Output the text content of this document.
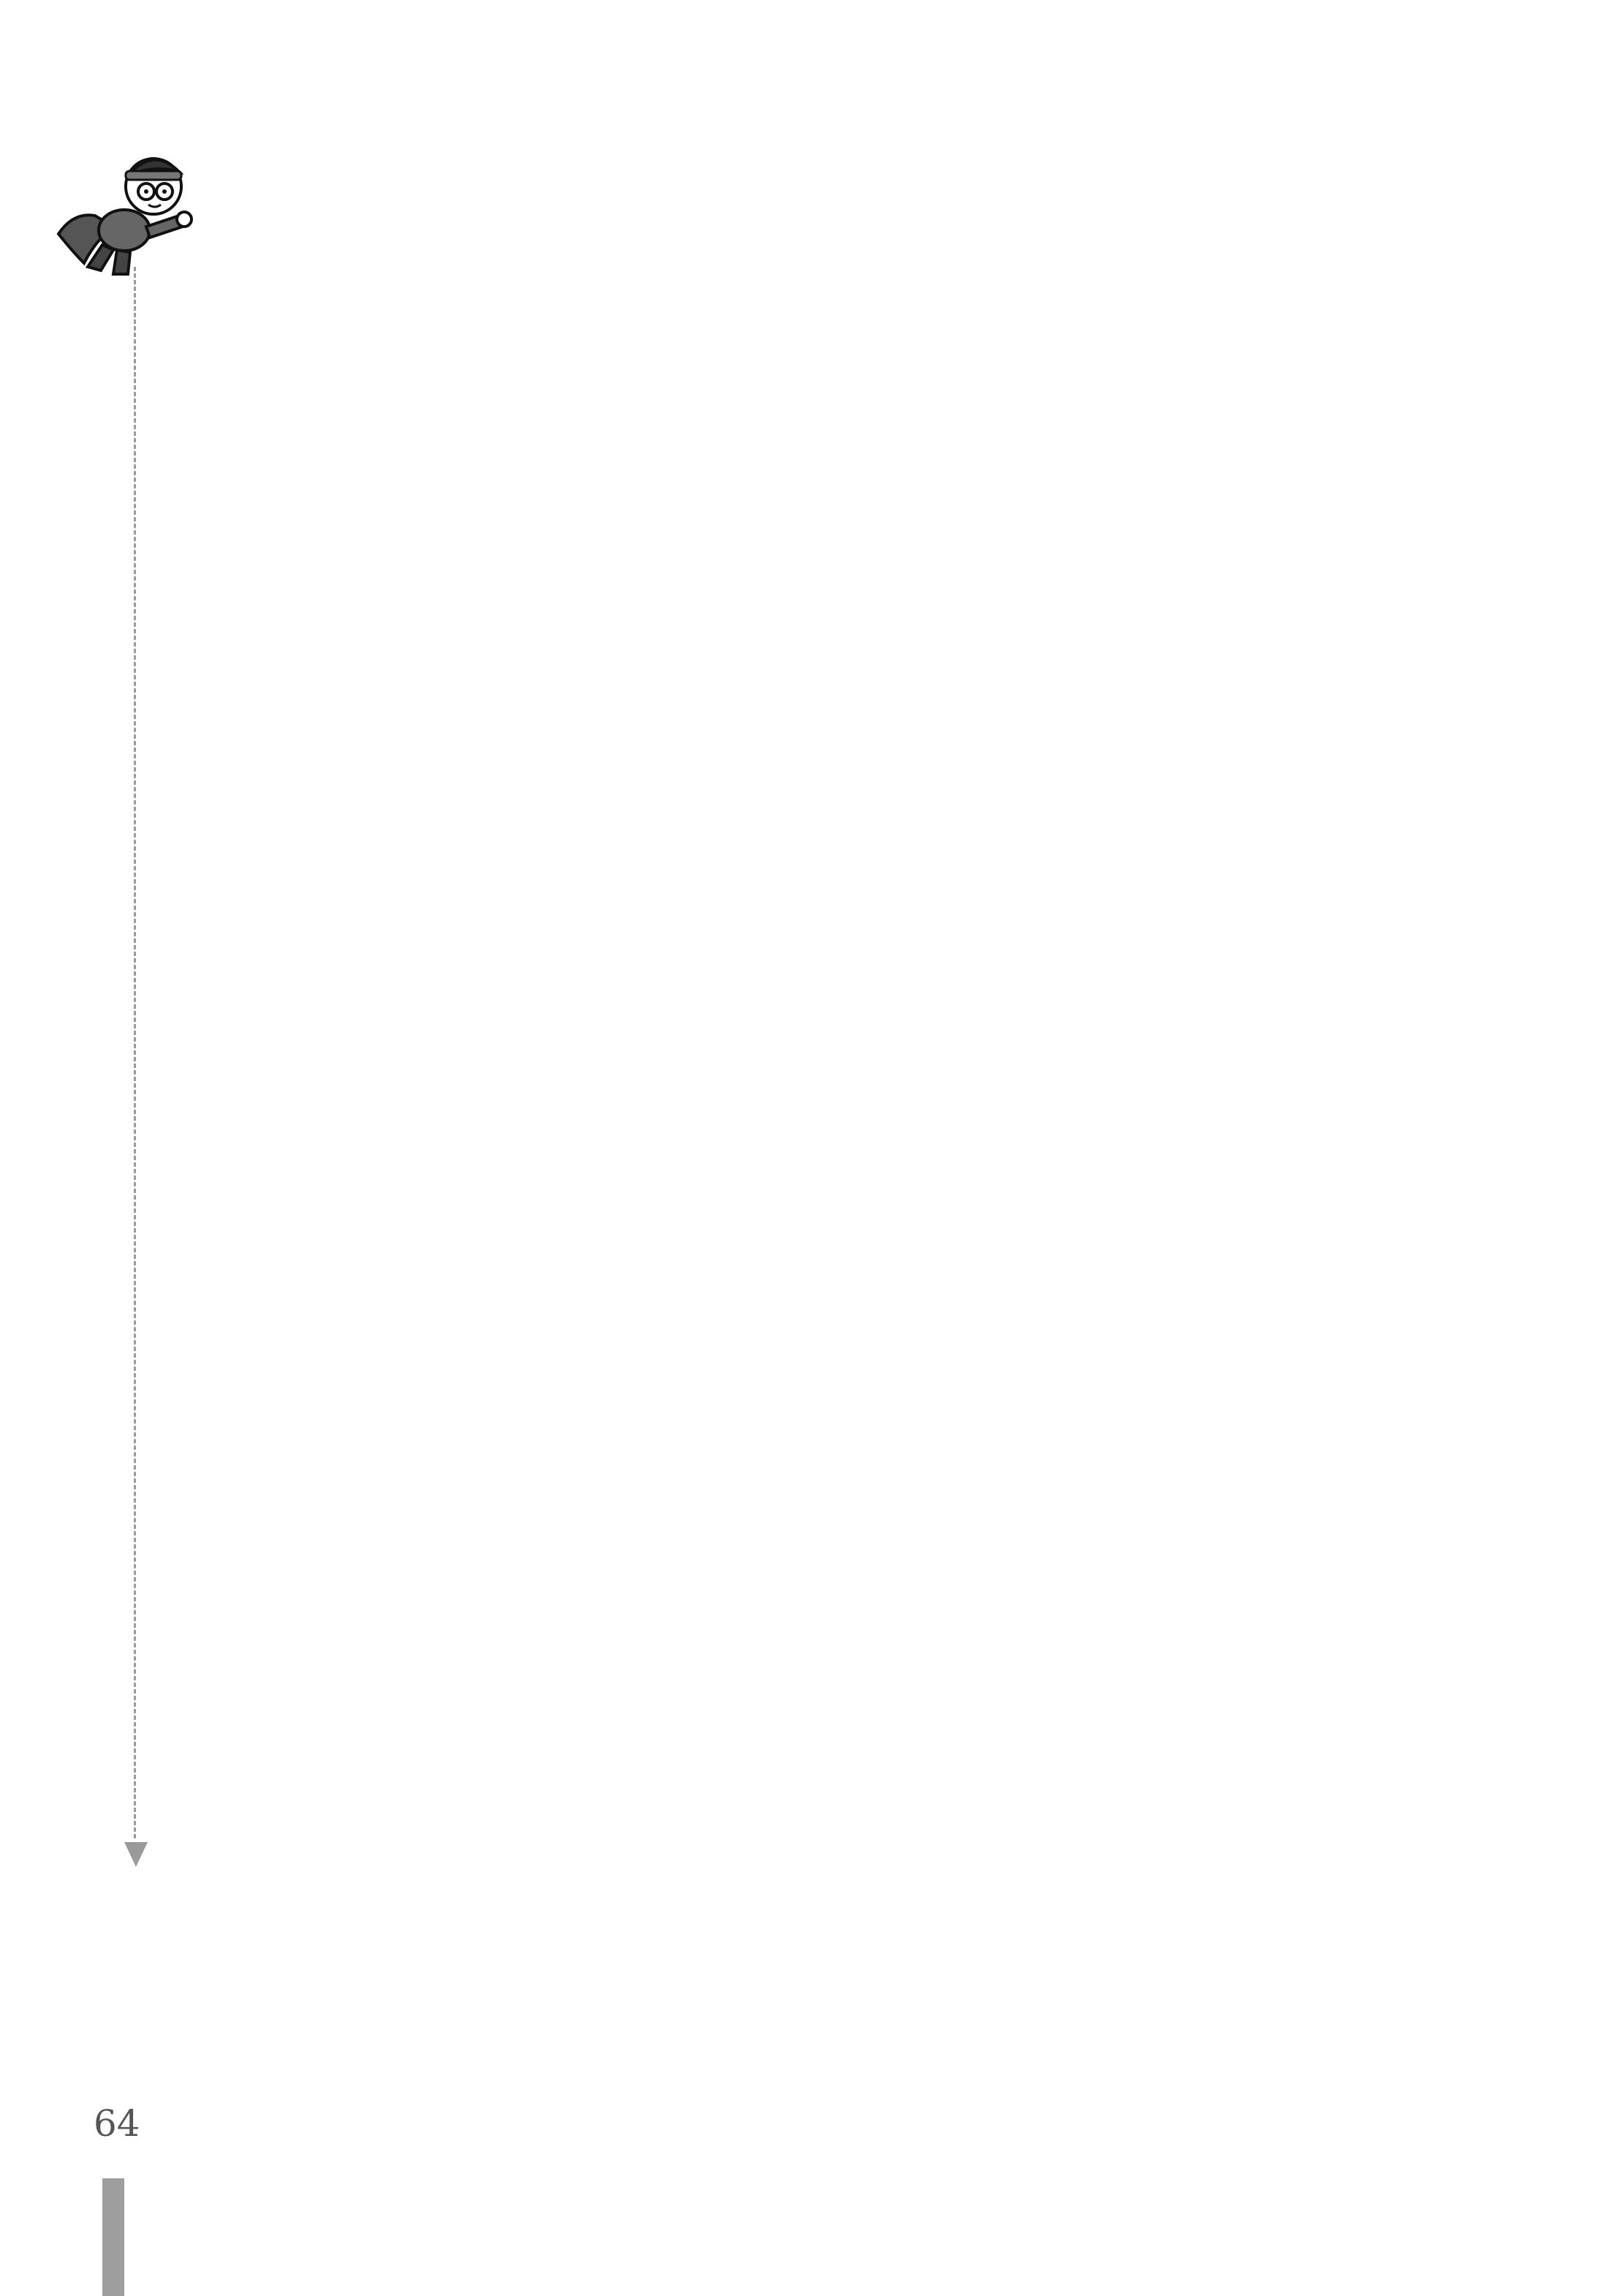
64
